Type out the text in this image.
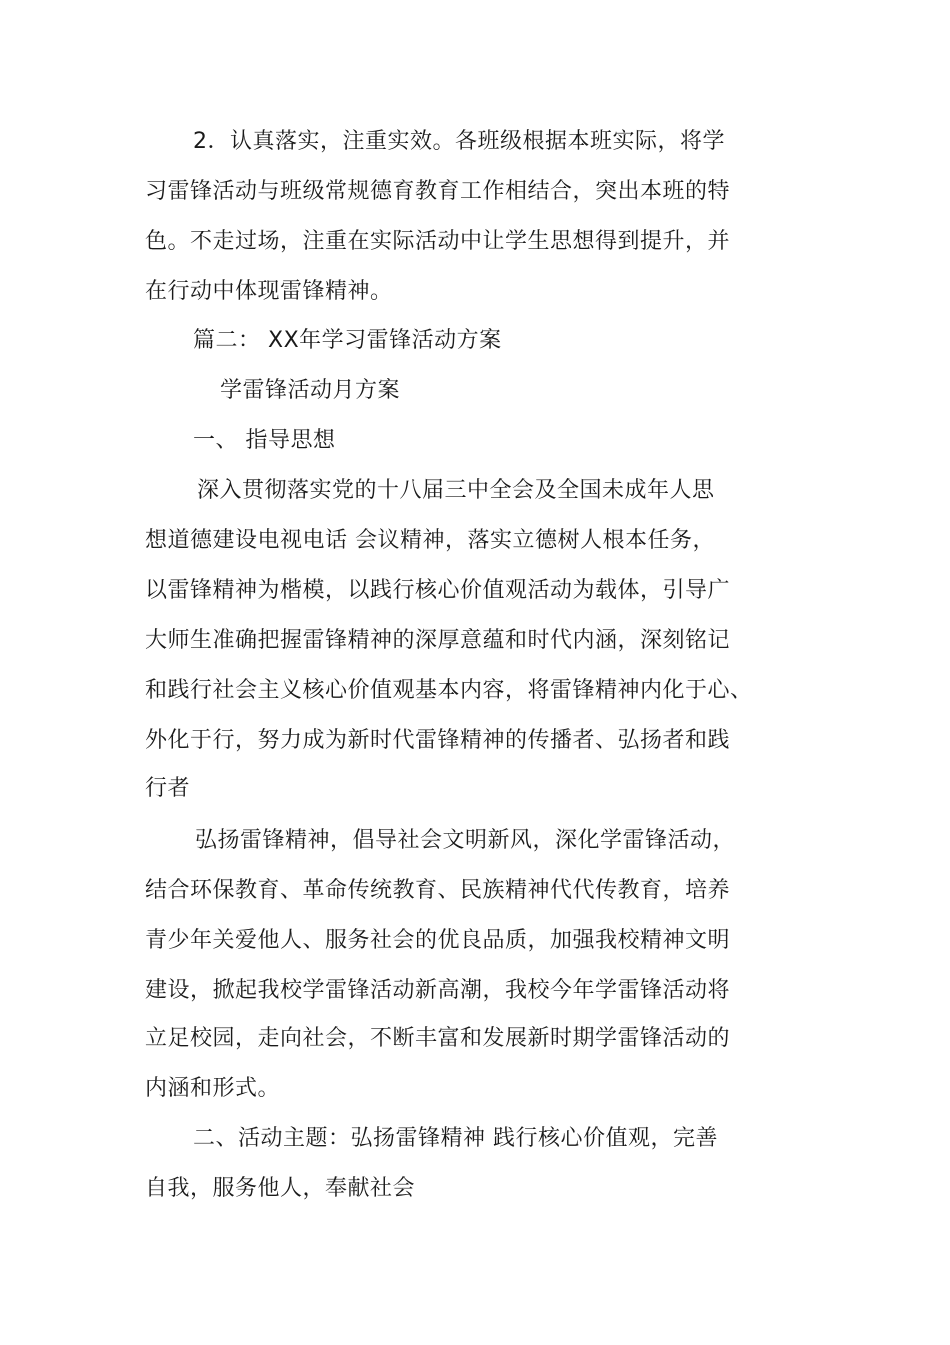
2．认真落实，注重实效。各班级根据本班实际，将学
习雷锋活动与班级常规德育教育工作相结合，突出本班的特
色。不走过场，注重在实际活动中让学生思想得到提升，并
在行动中体现雷锋精神。
篇二： XX年学习雷锋活动方案
学雷锋活动月方案
一、 指导思想
深入贯彻落实党的十八届三中全会及全国未成年人思
想道德建设电视电话 会议精神，落实立德树人根本任务，
以雷锋精神为楷模，以践行核心价值观活动为载体，引导广
大师生准确把握雷锋精神的深厚意蕴和时代内涵，深刻铭记
和践行社会主义核心价值观基本内容，将雷锋精神内化于心、
外化于行，努力成为新时代雷锋精神的传播者、弘扬者和践
行者
弘扬雷锋精神，倡导社会文明新风，深化学雷锋活动，
结合环保教育、革命传统教育、民族精神代代传教育，培养
青少年关爱他人、服务社会的优良品质，加强我校精神文明
建设，掀起我校学雷锋活动新高潮，我校今年学雷锋活动将
立足校园，走向社会，不断丰富和发展新时期学雷锋活动的
内涵和形式。
二、活动主题：弘扬雷锋精神 践行核心价值观，完善
自我，服务他人，奉献社会
